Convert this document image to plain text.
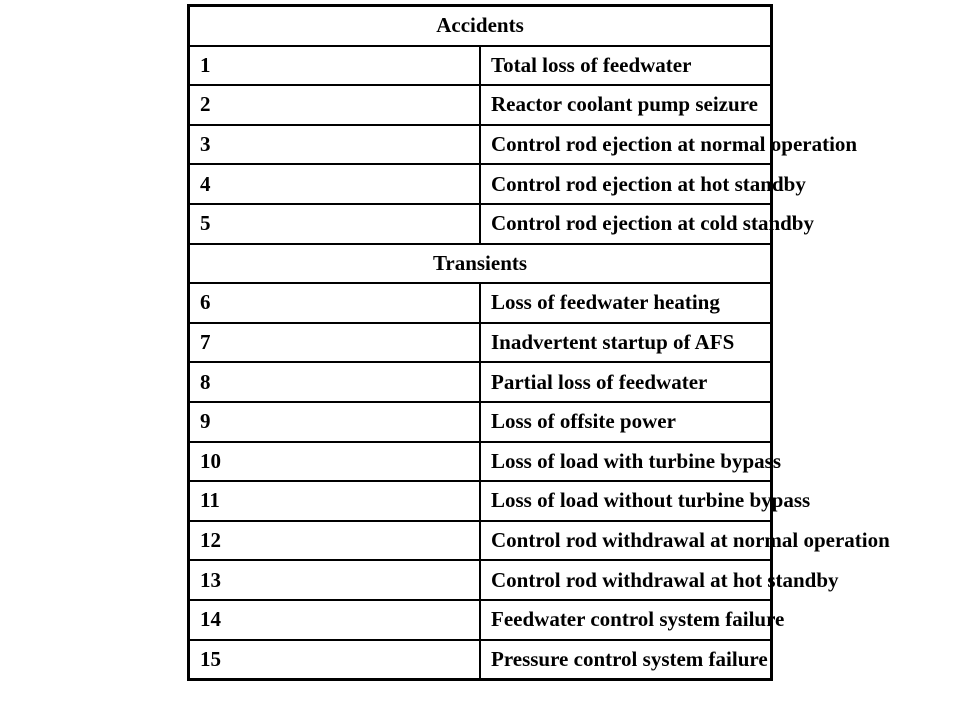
Accidents	
1	Total loss of feedwater
2	Reactor coolant pump seizure
3	Control rod ejection at normal operation
4	Control rod ejection at hot standby
5	Control rod ejection at cold standby
Transients	
6	Loss of feedwater heating
7	Inadvertent startup of AFS
8	Partial loss of feedwater
9	Loss of offsite power
10	Loss of load with turbine bypass
11	Loss of load without turbine bypass
12	Control rod withdrawal at normal operation
13	Control rod withdrawal at hot standby
14	Feedwater control system failure
15	Pressure control system failure
